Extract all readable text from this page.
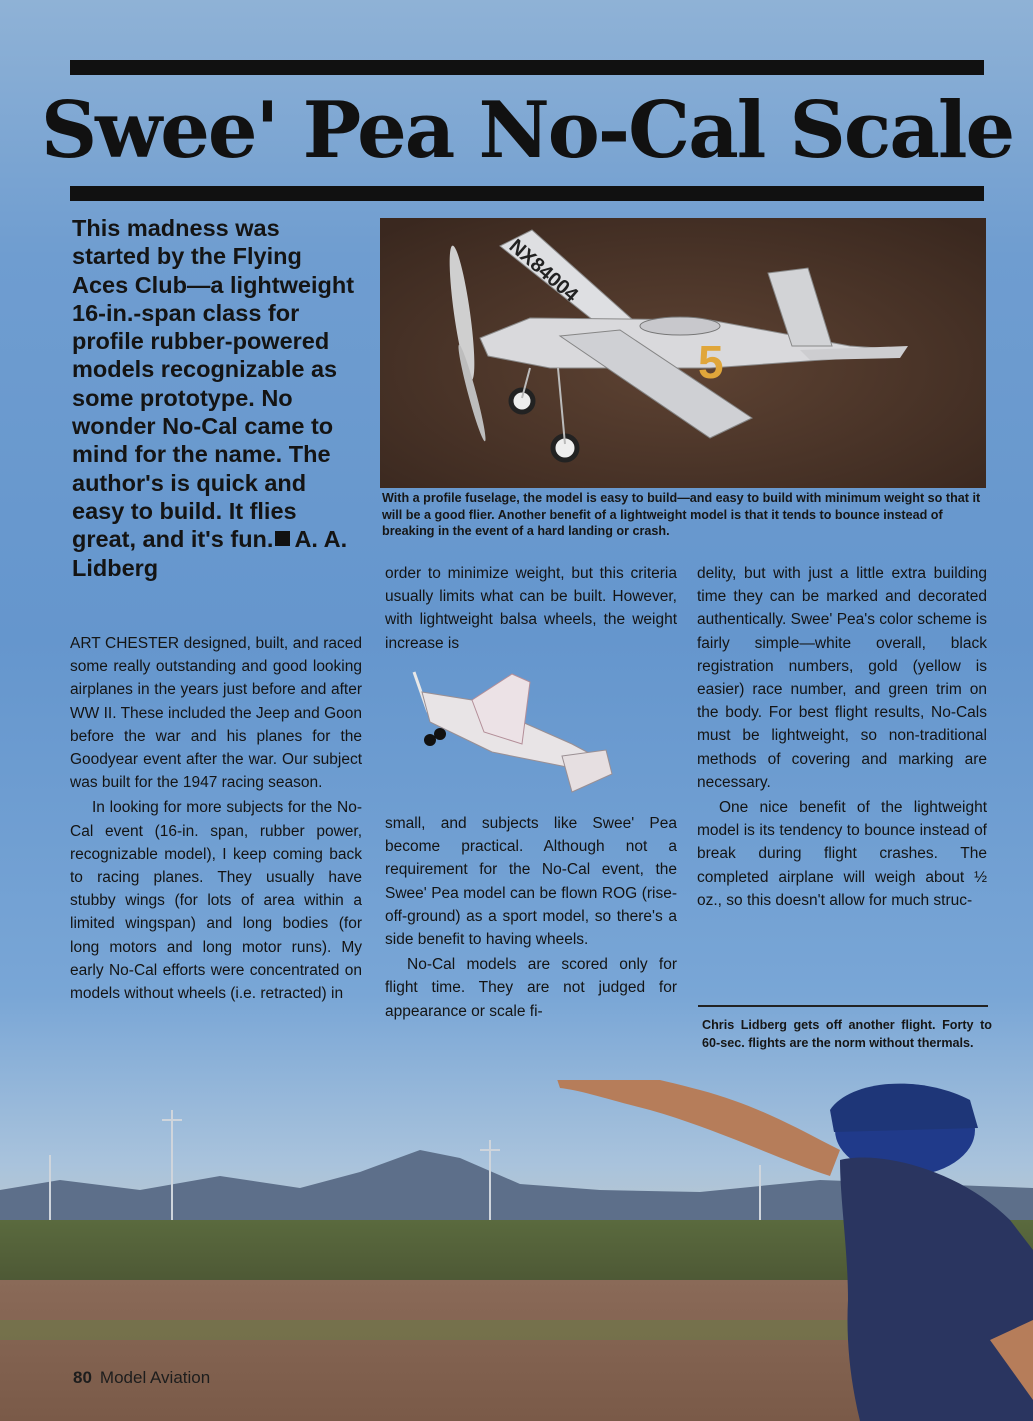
Swee' Pea No-Cal Scale
This madness was started by the Flying Aces Club—a lightweight 16-in.-span class for profile rubber-powered models recognizable as some prototype. No wonder No-Cal came to mind for the name. The author's is quick and easy to build. It flies great, and it's fun. A. A. Lidberg
NX84004
5
With a profile fuselage, the model is easy to build—and easy to build with minimum weight so that it will be a good flier. Another benefit of a lightweight model is that it tends to bounce instead of breaking in the event of a hard landing or crash.

ART CHESTER designed, built, and raced some really outstanding and good looking airplanes in the years just before and after WW II. These included the Jeep and Goon before the war and his planes for the Goodyear event after the war. Our subject was built for the 1947 racing season.

In looking for more subjects for the No-Cal event (16-in. span, rubber power, recognizable model), I keep coming back to racing planes. They usually have stubby wings (for lots of area within a limited wingspan) and long bodies (for long motors and long motor runs). My early No-Cal efforts were concentrated on models without wheels (i.e. retracted) in

order to minimize weight, but this criteria usually limits what can be built. However, with lightweight balsa wheels, the weight increase is

small, and subjects like Swee' Pea become practical. Although not a requirement for the No-Cal event, the Swee' Pea model can be flown ROG (rise-off-ground) as a sport model, so there's a side benefit to having wheels.

No-Cal models are scored only for flight time. They are not judged for appearance or scale fi-

delity, but with just a little extra building time they can be marked and decorated authentically. Swee' Pea's color scheme is fairly simple—white overall, black registration numbers, gold (yellow is easier) race number, and green trim on the body. For best flight results, No-Cals must be lightweight, so non-traditional methods of covering and marking are necessary.

One nice benefit of the lightweight model is its tendency to bounce instead of break during flight crashes. The completed airplane will weigh about ½ oz., so this doesn't allow for much struc-

Chris Lidberg gets off another flight. Forty to 60-sec. flights are the norm without thermals.
80 Model Aviation
